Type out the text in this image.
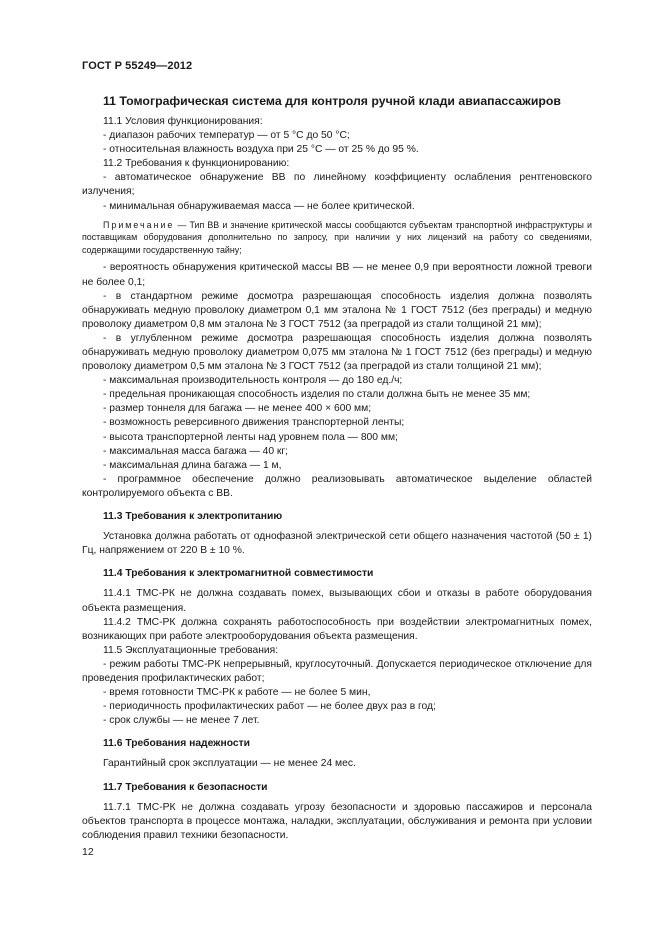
ГОСТ Р 55249—2012
11 Томографическая система для контроля ручной клади авиапассажиров

11.1 Условия функционирования:

- диапазон рабочих температур — от 5 °С до 50 °С;

- относительная влажность воздуха при 25 °С — от 25 % до 95 %.

11.2 Требования к функционированию:

- автоматическое обнаружение ВВ по линейному коэффициенту ослабления рентгеновского излучения;

- минимальная обнаруживаемая масса — не более критической.

Примечание — Тип ВВ и значение критической массы сообщаются субъектам транспортной инфраструктуры и поставщикам оборудования дополнительно по запросу, при наличии у них лицензий на работу со сведениями, содержащими государственную тайну;

- вероятность обнаружения критической массы ВВ — не менее 0,9 при вероятности ложной тревоги не более 0,1;

- в стандартном режиме досмотра разрешающая способность изделия должна позволять обнаруживать медную проволоку диаметром 0,1 мм эталона № 1 ГОСТ 7512 (без преграды) и медную проволоку диаметром 0,8 мм эталона № 3 ГОСТ 7512 (за преградой из стали толщиной 21 мм);

- в углубленном режиме досмотра разрешающая способность изделия должна позволять обнаруживать медную проволоку диаметром 0,075 мм эталона № 1 ГОСТ 7512 (без преграды) и медную проволоку диаметром 0,5 мм эталона № 3 ГОСТ 7512 (за преградой из стали толщиной 21 мм);

- максимальная производительность контроля — до 180 ед./ч;

- предельная проникающая способность изделия по стали должна быть не менее 35 мм;

- размер тоннеля для багажа — не менее 400 × 600 мм;

- возможность реверсивного движения транспортерной ленты;

- высота транспортерной ленты над уровнем пола — 800 мм;

- максимальная масса багажа — 40 кг;

- максимальная длина багажа — 1 м,

- программное обеспечение должно реализовывать автоматическое выделение областей контролируемого объекта с ВВ.

11.3 Требования к электропитанию

Установка должна работать от однофазной электрической сети общего назначения частотой (50 ± 1) Гц, напряжением от 220 В ± 10 %.

11.4 Требования к электромагнитной совместимости

11.4.1 ТМС-РК не должна создавать помех, вызывающих сбои и отказы в работе оборудования объекта размещения.

11.4.2 ТМС-РК должна сохранять работоспособность при воздействии электромагнитных помех, возникающих при работе электрооборудования объекта размещения.

11.5 Эксплуатационные требования:

- режим работы ТМС-РК непрерывный, круглосуточный. Допускается периодическое отключение для проведения профилактических работ;

- время готовности ТМС-РК к работе — не более 5 мин,

- периодичность профилактических работ — не более двух раз в год;

- срок службы — не менее 7 лет.

11.6 Требования надежности

Гарантийный срок эксплуатации — не менее 24 мес.

11.7 Требования к безопасности

11.7.1 ТМС-РК не должна создавать угрозу безопасности и здоровью пассажиров и персонала объектов транспорта в процессе монтажа, наладки, эксплуатации, обслуживания и ремонта при условии соблюдения правил техники безопасности.

12
